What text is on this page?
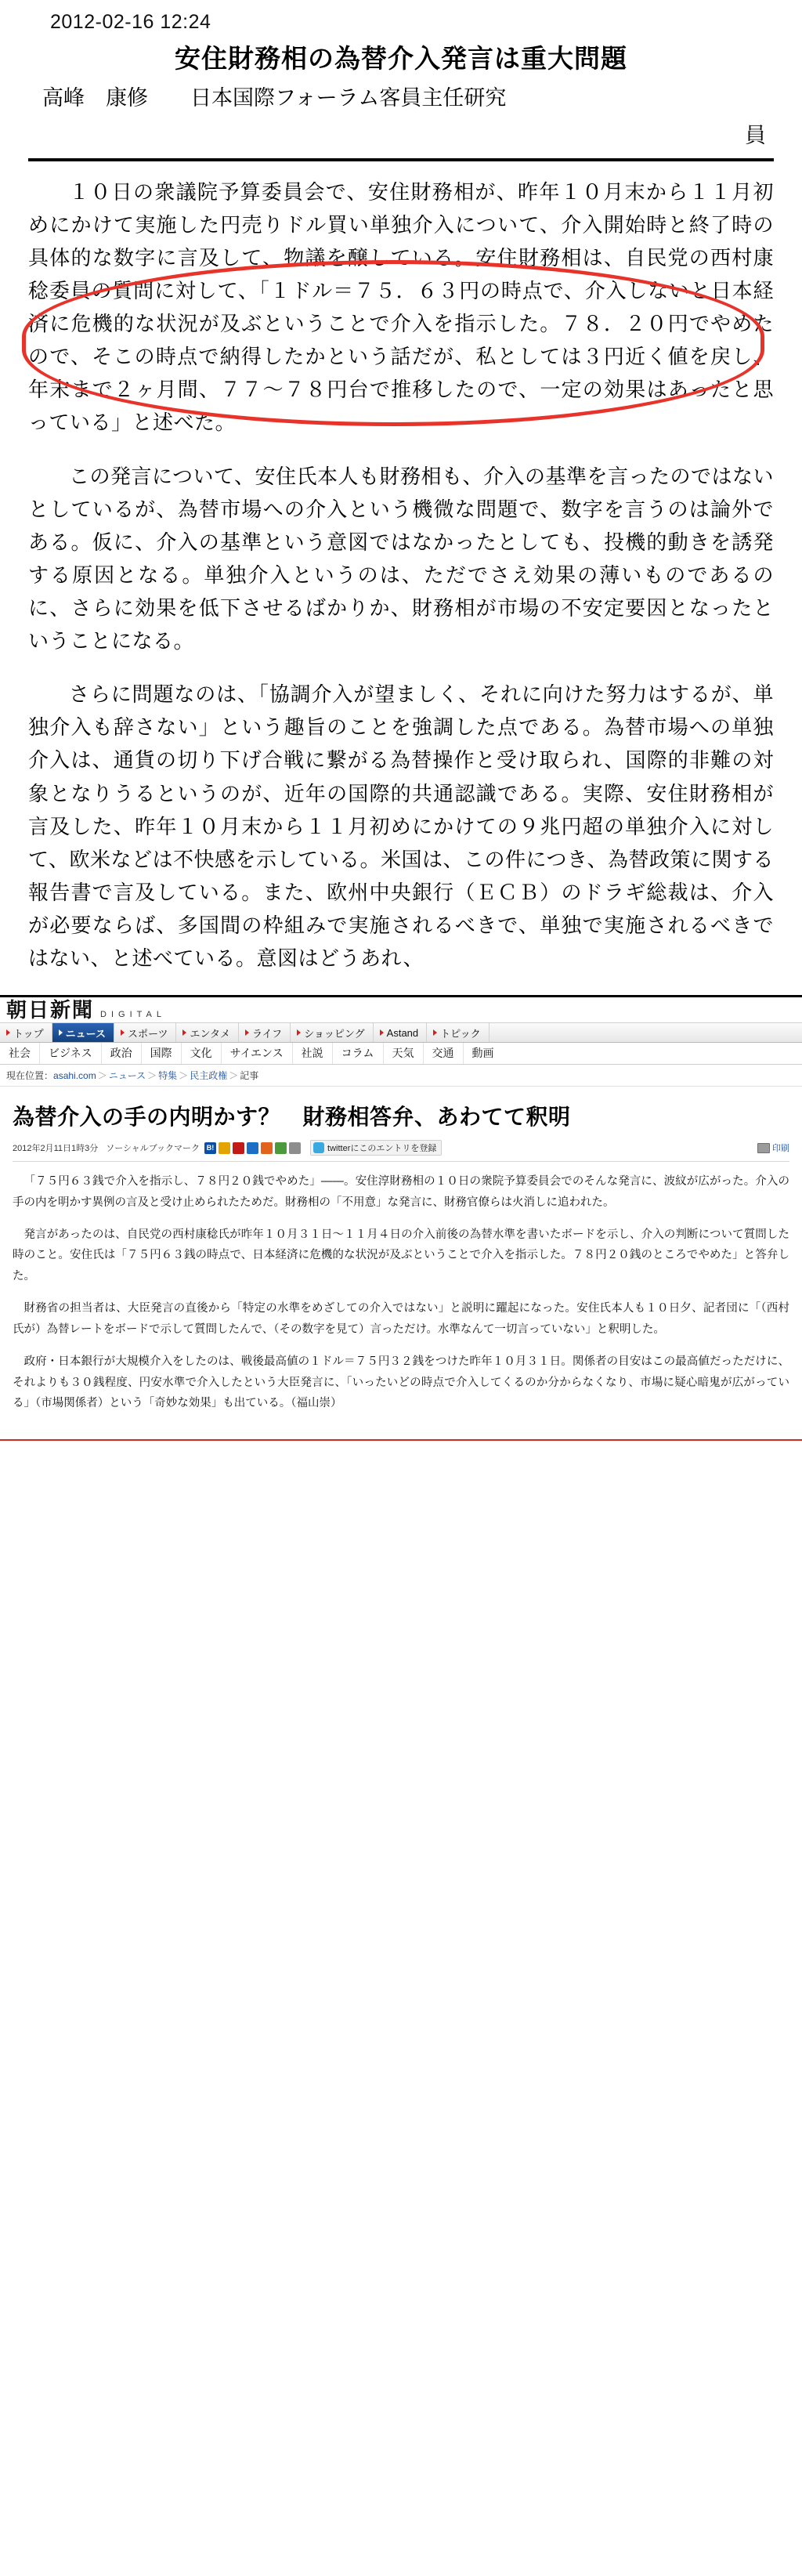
2012-02-16 12:24
安住財務相の為替介入発言は重大問題
高峰　康修　　日本国際フォーラム客員主任研究
員

１０日の衆議院予算委員会で、安住財務相が、昨年１０月末から１１月初めにかけて実施した円売りドル買い単独介入について、介入開始時と終了時の具体的な数字に言及して、物議を醸している。安住財務相は、自民党の西村康稔委員の質問に対して、「１ドル＝７５．６３円の時点で、介入しないと日本経済に危機的な状況が及ぶということで介入を指示した。７８．２０円でやめたので、そこの時点で納得したかという話だが、私としては３円近く値を戻し、年末まで２ヶ月間、７７〜７８円台で推移したので、一定の効果はあったと思っている」と述べた。

この発言について、安住氏本人も財務相も、介入の基準を言ったのではないとしているが、為替市場への介入という機微な問題で、数字を言うのは論外である。仮に、介入の基準という意図ではなかったとしても、投機的動きを誘発する原因となる。単独介入というのは、ただでさえ効果の薄いものであるのに、さらに効果を低下させるばかりか、財務相が市場の不安定要因となったということになる。

さらに問題なのは、「協調介入が望ましく、それに向けた努力はするが、単独介入も辞さない」という趣旨のことを強調した点である。為替市場への単独介入は、通貨の切り下げ合戦に繋がる為替操作と受け取られ、国際的非難の対象となりうるというのが、近年の国際的共通認識である。実際、安住財務相が言及した、昨年１０月末から１１月初めにかけての９兆円超の単独介入に対して、欧米などは不快感を示している。米国は、この件につき、為替政策に関する報告書で言及している。また、欧州中央銀行（ＥＣＢ）のドラギ総裁は、介入が必要ならば、多国間の枠組みで実施されるべきで、単独で実施されるべきではない、と述べている。意図はどうあれ、

朝日新聞 DIGITAL
トップ ニュース スポーツ エンタメ ライフ ショッピング Astand トピック
社会	ビジネス	政治	国際	文化	サイエンス	社説	コラム	天気	交通	動画
現在位置：asahi.com ＞ ニュース ＞ 特集 ＞ 民主政権 ＞ 記事
為替介入の手の内明かす？　財務相答弁、あわてて釈明
2012年2月11日1時3分 ソーシャルブックマーク B!	twitterにこのエントリを登録	印刷

「７５円６３銭で介入を指示し、７８円２０銭でやめた」――。安住淳財務相の１０日の衆院予算委員会でのそんな発言に、波紋が広がった。介入の手の内を明かす異例の言及と受け止められたためだ。財務相の「不用意」な発言に、財務官僚らは火消しに追われた。

発言があったのは、自民党の西村康稔氏が昨年１０月３１日〜１１月４日の介入前後の為替水準を書いたボードを示し、介入の判断について質問した時のこと。安住氏は「７５円６３銭の時点で、日本経済に危機的な状況が及ぶということで介入を指示した。７８円２０銭のところでやめた」と答弁した。

財務省の担当者は、大臣発言の直後から「特定の水準をめざしての介入ではない」と説明に躍起になった。安住氏本人も１０日夕、記者団に「（西村氏が）為替レートをボードで示して質問したんで、（その数字を見て）言っただけ。水準なんて一切言っていない」と釈明した。

政府・日本銀行が大規模介入をしたのは、戦後最高値の１ドル＝７５円３２銭をつけた昨年１０月３１日。関係者の目安はこの最高値だっただけに、それよりも３０銭程度、円安水準で介入したという大臣発言に、「いったいどの時点で介入してくるのか分からなくなり、市場に疑心暗鬼が広がっている」（市場関係者）という「奇妙な効果」も出ている。（福山崇）
